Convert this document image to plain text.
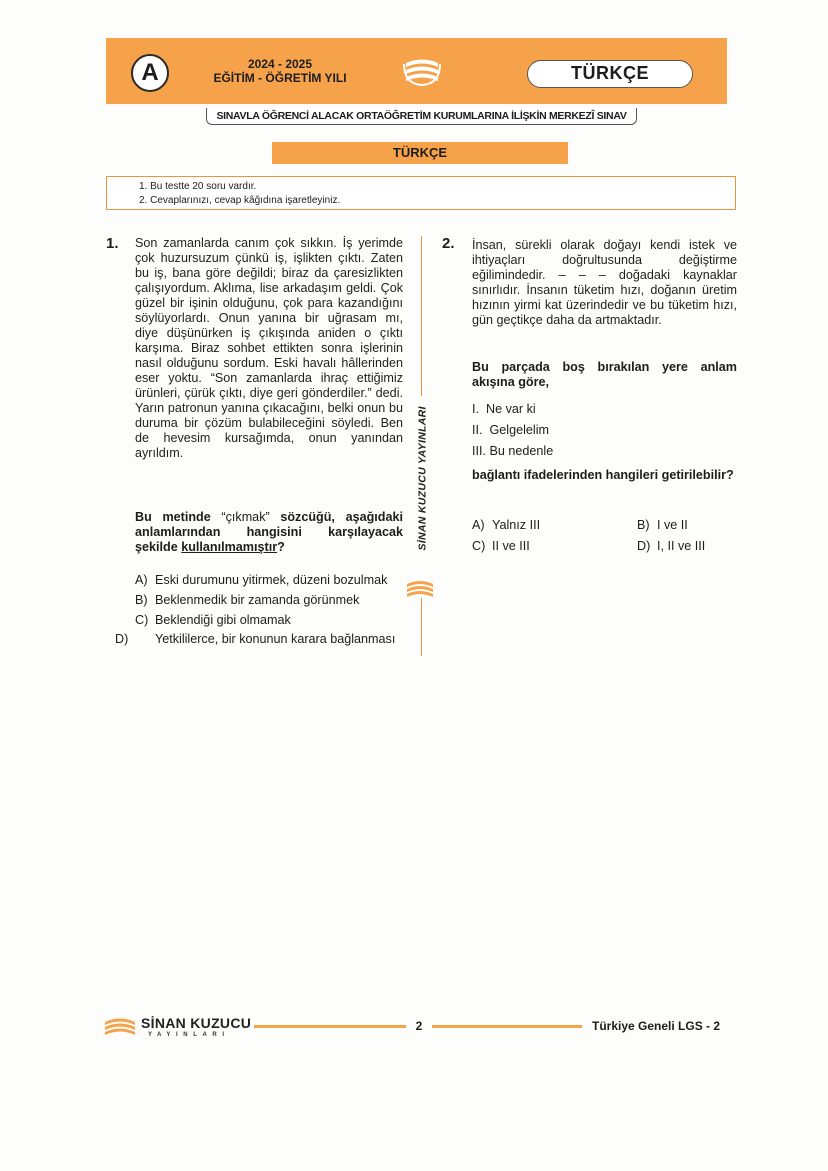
A	2024 - 2025
EĞİTİM - ÖĞRETİM YILI	TÜRKÇE
SINAVLA ÖĞRENCİ ALACAK ORTAÖĞRETİM KURUMLARINA İLİŞKİN MERKEZÎ SINAV
TÜRKÇE
1. Bu testte 20 soru vardır.
2. Cevaplarınızı, cevap kâğıdına işaretleyiniz.
1. Son zamanlarda canım çok sıkkın. İş yerimde çok huzursuzum çünkü iş, işlikten çıktı. Zaten bu iş, bana göre değildi; biraz da çaresizlikten çalışıyordum. Aklıma, lise arkadaşım geldi. Çok güzel bir işinin olduğunu, çok para kazandığını söylüyorlardı. Onun yanına bir uğrasam mı, diye düşünürken iş çıkışında aniden o çıktı karşıma. Biraz sohbet ettikten sonra işlerinin nasıl olduğunu sordum. Eski havalı hâllerinden eser yoktu. “Son zamanlarda ihraç ettiğimiz ürünleri, çürük çıktı, diye geri gönderdiler.” dedi. Yarın patronun yanına çıkacağını, belki onun bu duruma bir çözüm bulabileceğini söyledi. Ben de hevesim kursağımda, onun yanından ayrıldım.
Bu metinde “çıkmak” sözcüğü, aşağıdaki anlamlarından hangisini karşılayacak şekilde kullanılmamıştır?
A) Eski durumunu yitirmek, düzeni bozulmak
B) Beklenmedik bir zamanda görünmek
C) Beklendiği gibi olmamak
D) Yetkililerce, bir konunun karara bağlanması
SİNAN KUZUCU YAYINLARI
2. İnsan, sürekli olarak doğayı kendi istek ve ihtiyaçları doğrultusunda değiştirme eğilimindedir. – – – doğadaki kaynaklar sınırlıdır. İnsanın tüketim hızı, doğanın üretim hızının yirmi kat üzerindedir ve bu tüketim hızı, gün geçtikçe daha da artmaktadır.
Bu parçada boş bırakılan yere anlam akışına göre,
I.  Ne var ki
II.  Gelgelelim
III. Bu nedenle
bağlantı ifadelerinden hangileri getirilebilir?
A) Yalnız III	B) I ve II
C) II ve III	D) I, II ve III
SİNAN KUZUCU
YAYINLARI
2	Türkiye Geneli LGS - 2
